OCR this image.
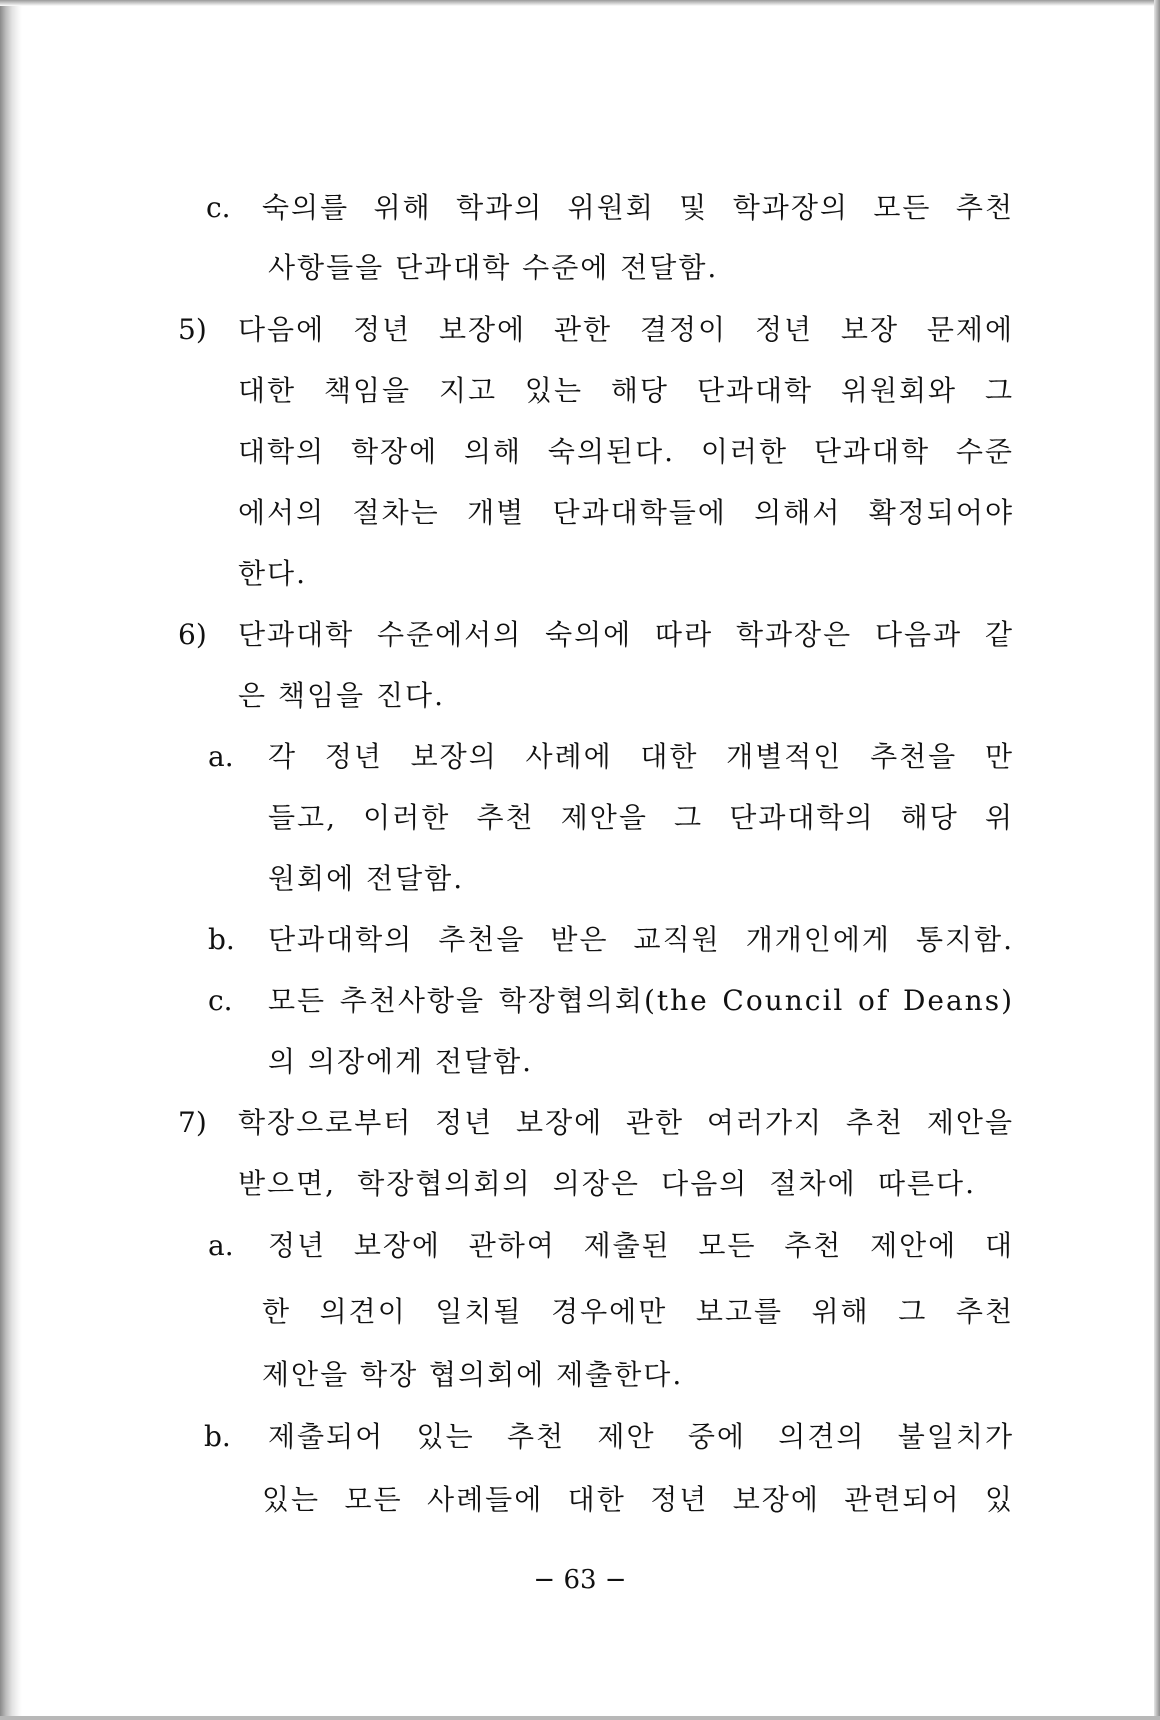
c. 숙의를 위해 학과의 위원회 및 학과장의 모든 추천
사항들을 단과대학 수준에 전달함.
5) 다음에 정년 보장에 관한 결정이 정년 보장 문제에
대한 책임을 지고 있는 해당 단과대학 위원회와 그
대학의 학장에 의해 숙의된다. 이러한 단과대학 수준
에서의 절차는 개별 단과대학들에 의해서 확정되어야
한다.
6) 단과대학 수준에서의 숙의에 따라 학과장은 다음과 같
은 책임을 진다.
a. 각 정년 보장의 사례에 대한 개별적인 추천을 만
들고, 이러한 추천 제안을 그 단과대학의 해당 위
원회에 전달함.
b. 단과대학의 추천을 받은 교직원 개개인에게 통지함.
c. 모든 추천사항을 학장협의회(the Council of Deans)
의 의장에게 전달함.
7) 학장으로부터 정년 보장에 관한 여러가지 추천 제안을
받으면, 학장협의회의 의장은 다음의 절차에 따른다.
a. 정년 보장에 관하여 제출된 모든 추천 제안에 대
한 의견이 일치될 경우에만 보고를 위해 그 추천
제안을 학장 협의회에 제출한다.
b. 제출되어 있는 추천 제안 중에 의견의 불일치가
있는 모든 사례들에 대한 정년 보장에 관련되어 있
− 63 −
